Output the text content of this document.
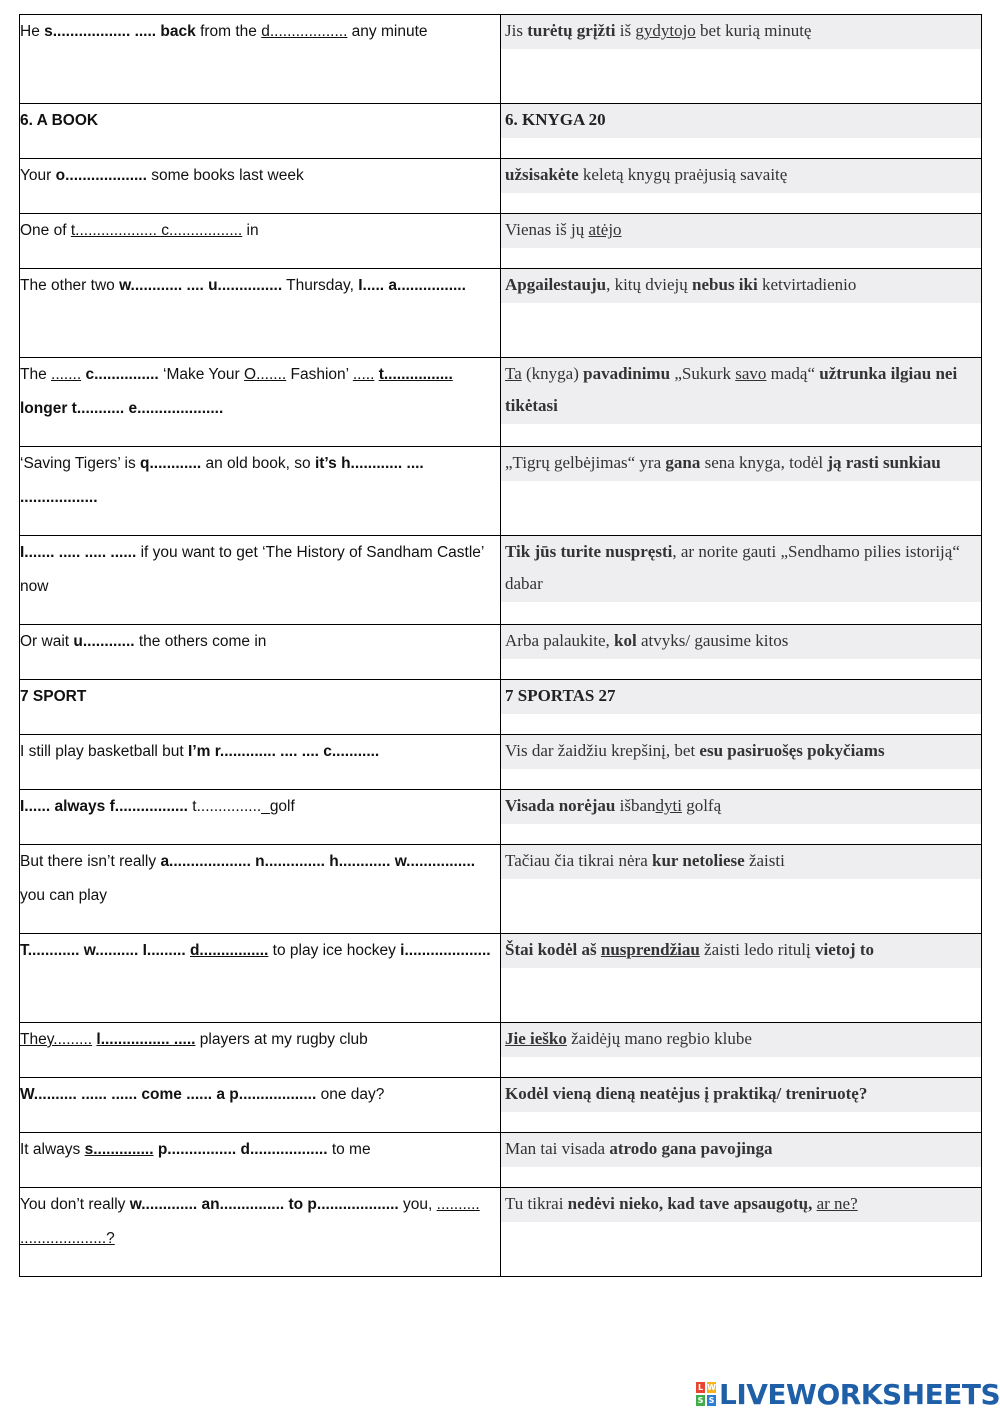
He s.................. ..... back from the d.................. any minute	Jis turėtų grįžti iš gydytojo bet kurią minutę

6. A BOOK	6. KNYGA 20

Your o................... some books last week	užsisakėte keletą knygų praėjusią savaitę

One of t................... c................. in	Vienas iš jų atėjo

The other two w............ .... u............... Thursday, I..... a................	Apgailestauju, kitų dviejų nebus iki ketvirtadienio

The ....... c............... ‘Make Your O....... Fashion’ ..... t................ longer t........... e....................	Ta (knyga) pavadinimu „Sukurk savo madą“ užtrunka ilgiau nei tikėtasi

‘Saving Tigers’ is q............ an old book, so it’s h............ .... ..................	„Tigrų gelbėjimas“ yra gana sena knyga, todėl ją rasti sunkiau

I....... ..... ..... ...... if you want to get ‘The History of Sandham Castle’ now	Tik jūs turite nuspręsti, ar norite gauti „Sendhamo pilies istoriją“ dabar

Or wait u............ the others come in	Arba palaukite, kol atvyks/ gausime kitos

7 SPORT	7 SPORTAS 27

I still play basketball but I’m r............. .... .... c...........	Vis dar žaidžiu krepšinį, bet esu pasiruošęs pokyčiams

I...... always f................. t..............._golf	Visada norėjau išbandyti golfą

But there isn’t really a................... n.............. h............ w................ you can play	Tačiau čia tikrai nėra kur netoliese žaisti

T............ w.......... I......... d................ to play ice hockey i....................	Štai kodėl aš nusprendžiau žaisti ledo ritulį vietoj to

They......... l................ ..... players at my rugby club	Jie ieško žaidėjų mano regbio klube

W.......... ...... ...... come ...... a p.................. one day?	Kodėl vieną dieną neatėjus į praktiką/ treniruotę?

It always s.............. p................ d.................. to me	Man tai visada atrodo gana pavojinga

You don’t really w............. an............... to p................... you, .......... ....................?	Tu tikrai nedėvi nieko, kad tave apsaugotų, ar ne?
L W
S S LIVEWORKSHEETS
